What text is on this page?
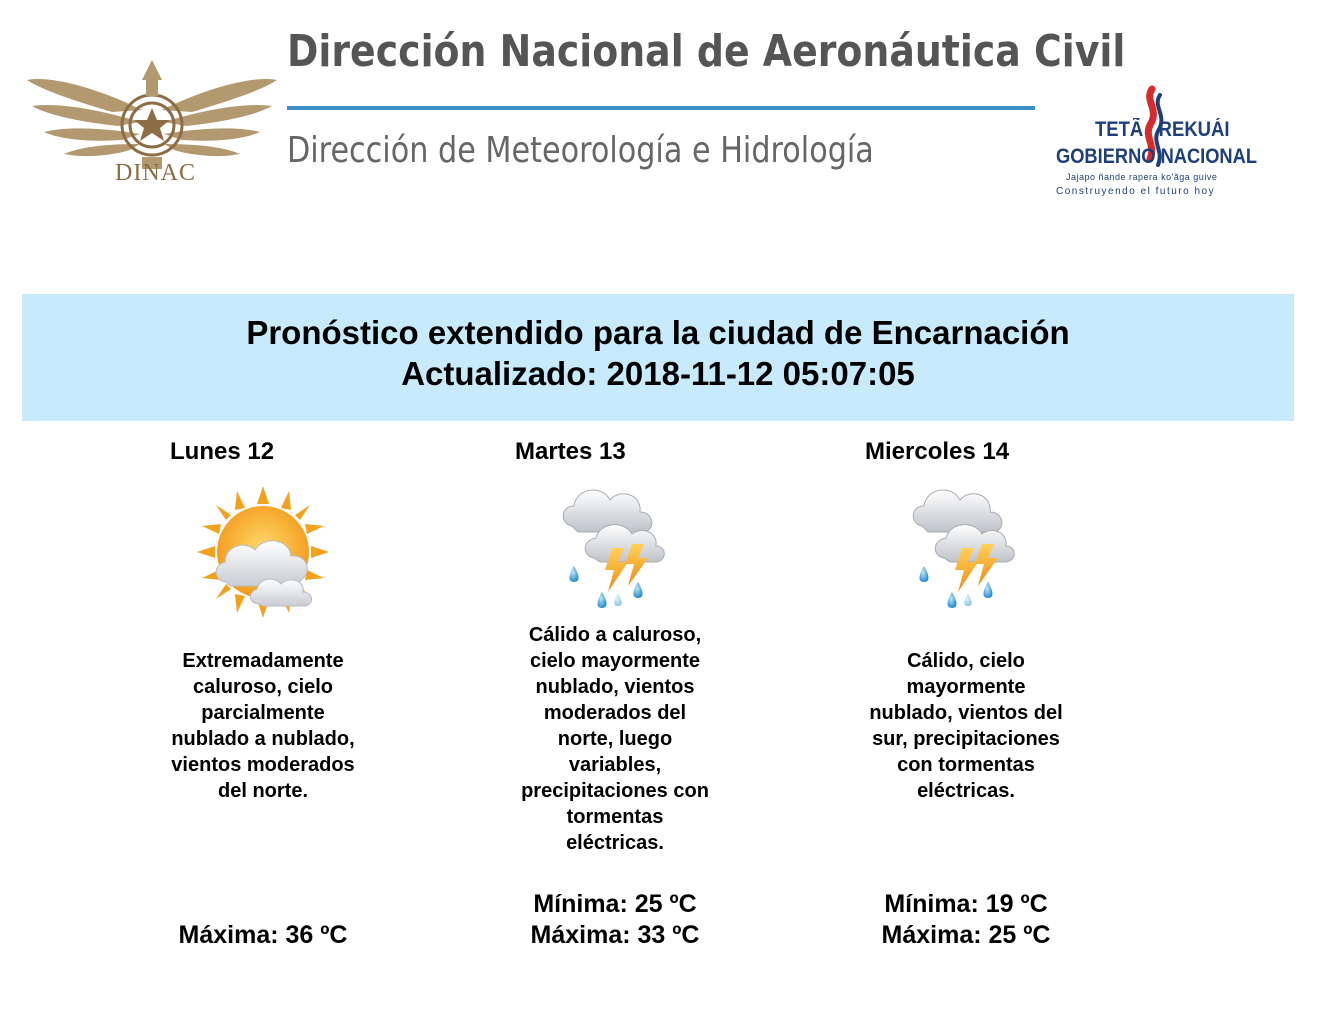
DINAC
Dirección Nacional de Aeronáutica Civil
Dirección de Meteorología e Hidrología
TETÃ REKUÁI
GOBIERNO NACIONAL
Jajapo ñande rapera ko'ãga guive
Construyendo el futuro hoy
Pronóstico extendido para la ciudad de Encarnación
Actualizado: 2018-11-12 05:07:05
Lunes 12
Extremadamente caluroso, cielo parcialmente nublado a nublado, vientos moderados del norte.
Máxima: 36 ºC
Martes 13
Cálido a caluroso, cielo mayormente nublado, vientos moderados del norte, luego variables, precipitaciones con tormentas eléctricas.
Mínima: 25 ºC
Máxima: 33 ºC
Miercoles 14
Cálido, cielo mayormente nublado, vientos del sur, precipitaciones con tormentas eléctricas.
Mínima: 19 ºC
Máxima: 25 ºC
